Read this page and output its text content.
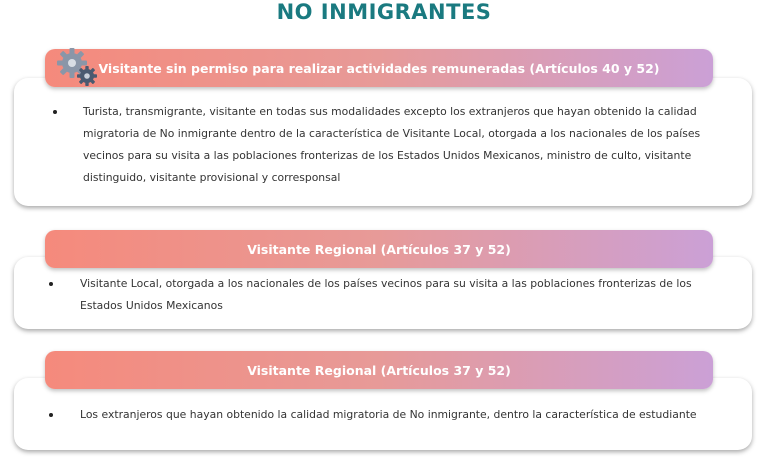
NO INMIGRANTES
Visitante sin permiso para realizar actividades remuneradas (Artículos 40 y 52)
Turista, transmigrante, visitante en todas sus modalidades excepto los extranjeros que hayan obtenido la calidad migratoria de No inmigrante dentro de la característica de Visitante Local, otorgada a los nacionales de los países vecinos para su visita a las poblaciones fronterizas de los Estados Unidos Mexicanos, ministro de culto, visitante distinguido, visitante provisional y corresponsal
Visitante Regional (Artículos 37 y 52)
Visitante Local, otorgada a los nacionales de los países vecinos para su visita a las poblaciones fronterizas de los Estados Unidos Mexicanos
Visitante Regional (Artículos 37 y 52)
Los extranjeros que hayan obtenido la calidad migratoria de No inmigrante, dentro la característica de estudiante
